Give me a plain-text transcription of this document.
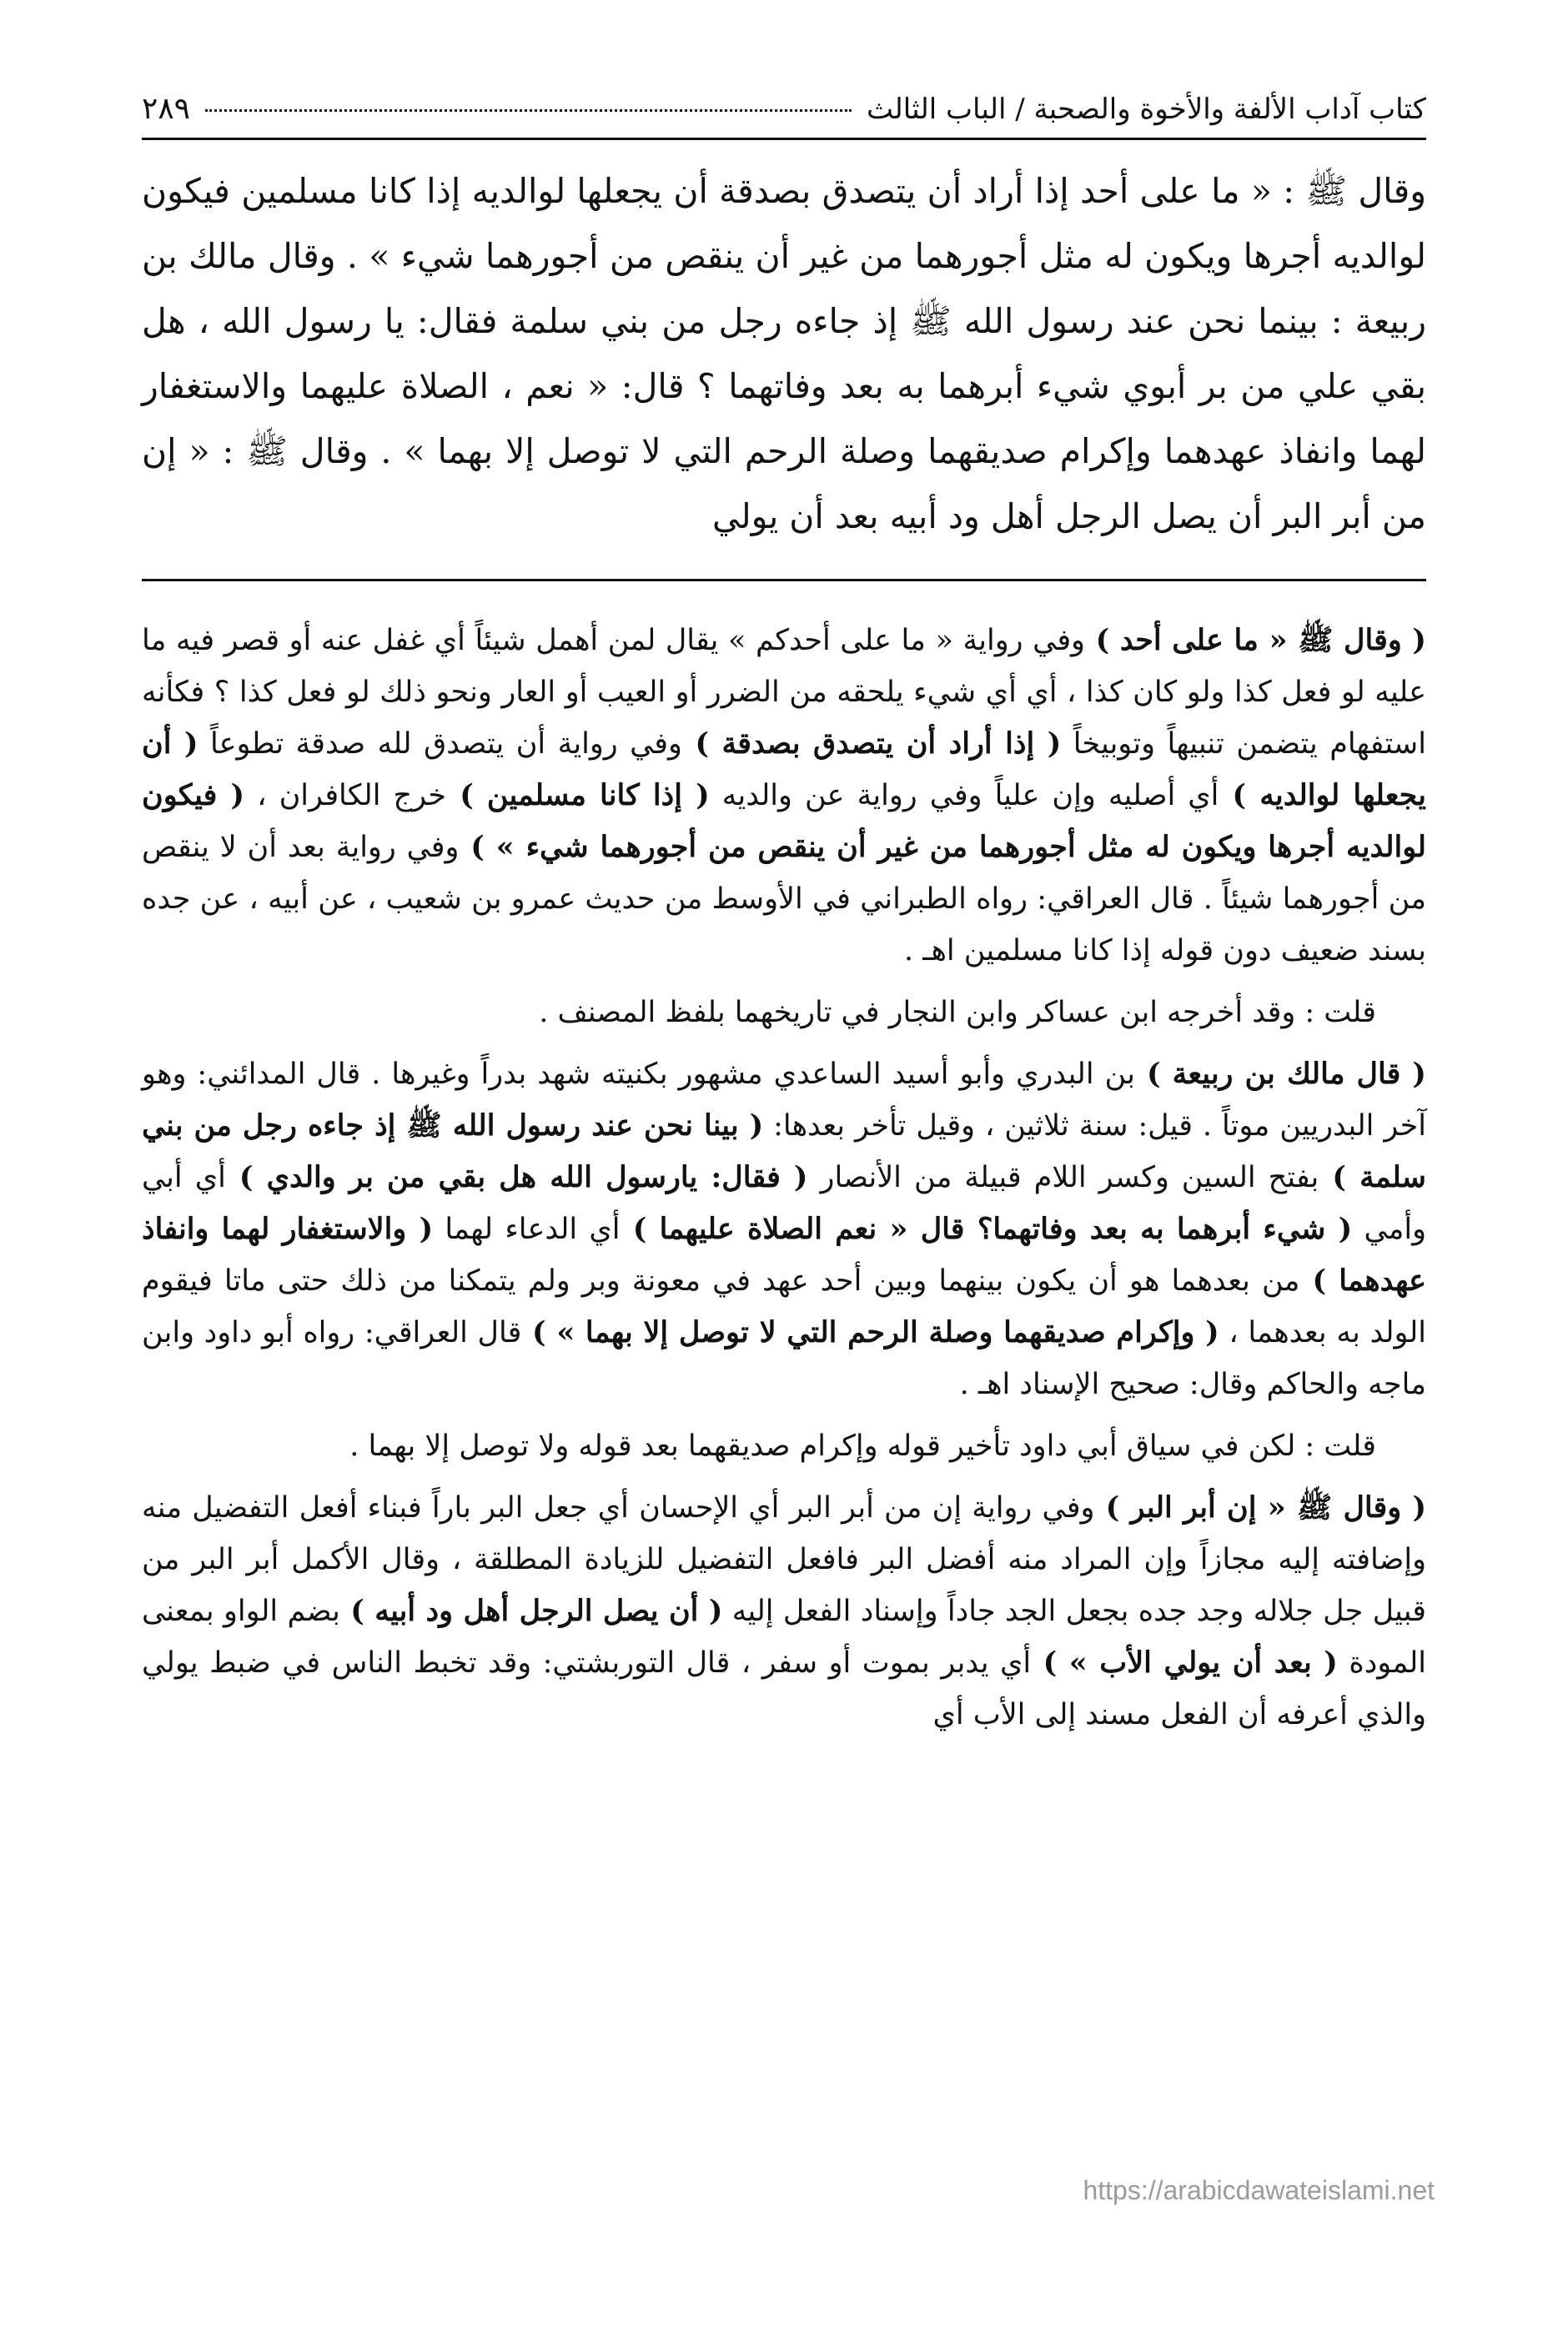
كتاب آداب الألفة والأخوة والصحبة / الباب الثالث
٢٨٩

وقال ﷺ : « ما على أحد إذا أراد أن يتصدق بصدقة أن يجعلها لوالديه إذا كانا مسلمين فيكون لوالديه أجرها ويكون له مثل أجورهما من غير أن ينقص من أجورهما شيء » . وقال مالك بن ربيعة : بينما نحن عند رسول الله ﷺ إذ جاءه رجل من بني سلمة فقال: يا رسول الله ، هل بقي علي من بر أبوي شيء أبرهما به بعد وفاتهما ؟ قال: « نعم ، الصلاة عليهما والاستغفار لهما وانفاذ عهدهما وإكرام صديقهما وصلة الرحم التي لا توصل إلا بهما » . وقال ﷺ : « إن من أبر البر أن يصل الرجل أهل ود أبيه بعد أن يولي

( وقال ﷺ « ما على أحد ) وفي رواية « ما على أحدكم » يقال لمن أهمل شيئاً أي غفل عنه أو قصر فيه ما عليه لو فعل كذا ولو كان كذا ، أي أي شيء يلحقه من الضرر أو العيب أو العار ونحو ذلك لو فعل كذا ؟ فكأنه استفهام يتضمن تنبيهاً وتوبيخاً ( إذا أراد أن يتصدق بصدقة ) وفي رواية أن يتصدق لله صدقة تطوعاً ( أن يجعلها لوالديه ) أي أصليه وإن علياً وفي رواية عن والديه ( إذا كانا مسلمين ) خرج الكافران ، ( فيكون لوالديه أجرها ويكون له مثل أجورهما من غير أن ينقص من أجورهما شيء » ) وفي رواية بعد أن لا ينقص من أجورهما شيئاً . قال العراقي: رواه الطبراني في الأوسط من حديث عمرو بن شعيب ، عن أبيه ، عن جده بسند ضعيف دون قوله إذا كانا مسلمين اهـ .

قلت : وقد أخرجه ابن عساكر وابن النجار في تاريخهما بلفظ المصنف .

( قال مالك بن ربيعة ) بن البدري وأبو أسيد الساعدي مشهور بكنيته شهد بدراً وغيرها . قال المدائني: وهو آخر البدريين موتاً . قيل: سنة ثلاثين ، وقيل تأخر بعدها: ( بينا نحن عند رسول الله ﷺ إذ جاءه رجل من بني سلمة ) بفتح السين وكسر اللام قبيلة من الأنصار ( فقال: يارسول الله هل بقي من بر والدي ) أي أبي وأمي ( شيء أبرهما به بعد وفاتهما؟ قال « نعم الصلاة عليهما ) أي الدعاء لهما ( والاستغفار لهما وانفاذ عهدهما ) من بعدهما هو أن يكون بينهما وبين أحد عهد في معونة وبر ولم يتمكنا من ذلك حتى ماتا فيقوم الولد به بعدهما ، ( وإكرام صديقهما وصلة الرحم التي لا توصل إلا بهما » ) قال العراقي: رواه أبو داود وابن ماجه والحاكم وقال: صحيح الإسناد اهـ .

قلت : لكن في سياق أبي داود تأخير قوله وإكرام صديقهما بعد قوله ولا توصل إلا بهما .

( وقال ﷺ « إن أبر البر ) وفي رواية إن من أبر البر أي الإحسان أي جعل البر باراً فبناء أفعل التفضيل منه وإضافته إليه مجازاً وإن المراد منه أفضل البر فافعل التفضيل للزيادة المطلقة ، وقال الأكمل أبر البر من قبيل جل جلاله وجد جده بجعل الجد جاداً وإسناد الفعل إليه ( أن يصل الرجل أهل ود أبيه ) بضم الواو بمعنى المودة ( بعد أن يولي الأب » ) أي يدبر بموت أو سفر ، قال التوربشتي: وقد تخبط الناس في ضبط يولي والذي أعرفه أن الفعل مسند إلى الأب أي

https://arabicdawateislami.net
